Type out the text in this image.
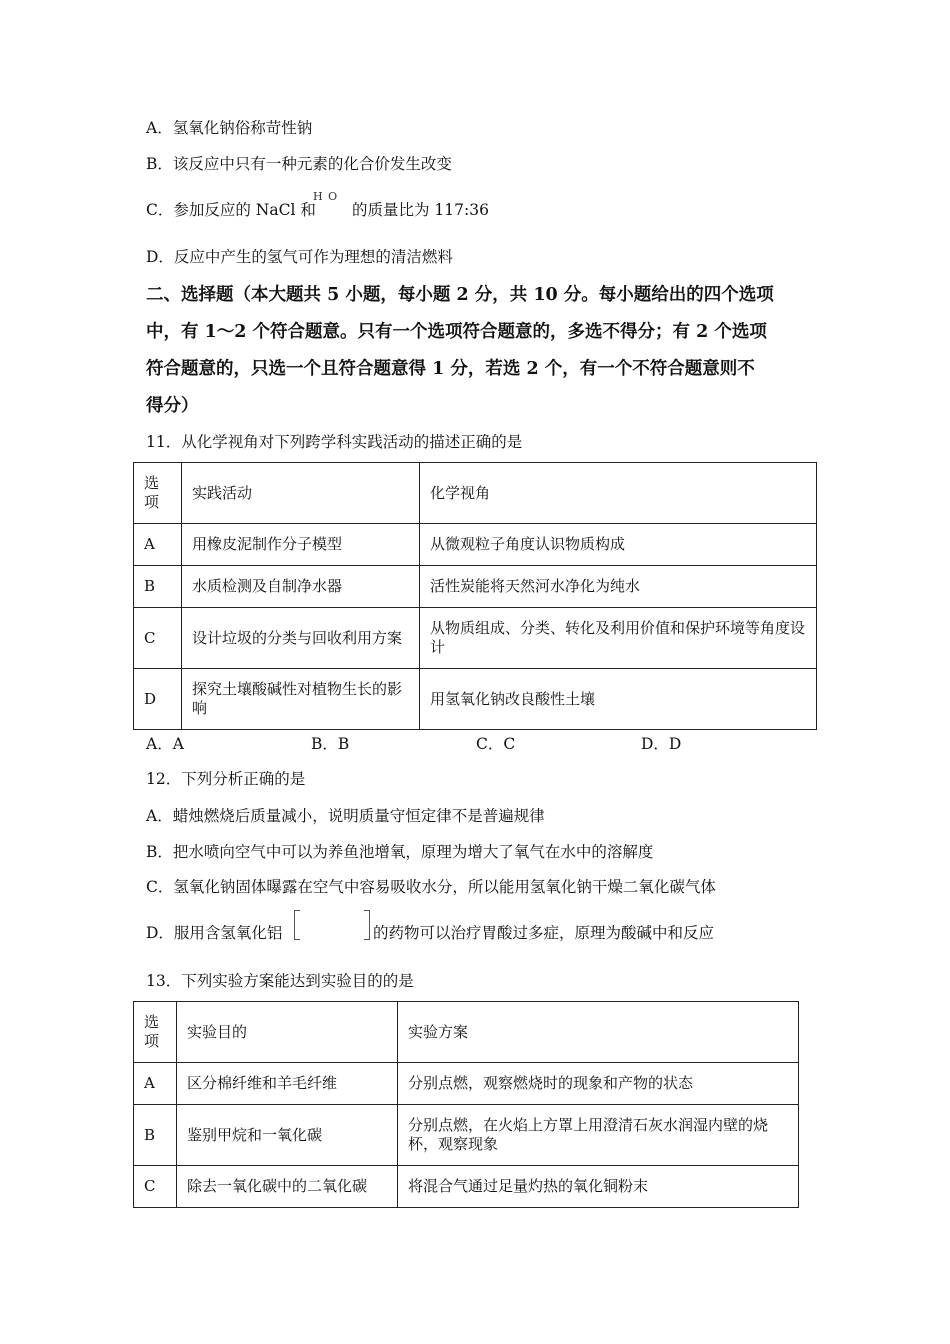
A．氢氧化钠俗称苛性钠
B．该反应中只有一种元素的化合价发生改变
C．参加反应的 NaCl 和
H O
的质量比为 117:36
D．反应中产生的氢气可作为理想的清洁燃料
二、选择题（本大题共 5 小题，每小题 2 分，共 10 分。每小题给出的四个选项
中，有 1～2 个符合题意。只有一个选项符合题意的，多选不得分；有 2 个选项
符合题意的，只选一个且符合题意得 1 分，若选 2 个，有一个不符合题意则不
得分）
11．从化学视角对下列跨学科实践活动的描述正确的是
选项	实践活动	化学视角
A	用橡皮泥制作分子模型	从微观粒子角度认识物质构成
B	水质检测及自制净水器	活性炭能将天然河水净化为纯水
C	设计垃圾的分类与回收利用方案	从物质组成、分类、转化及利用价值和保护环境等角度设计
D	探究土壤酸碱性对植物生长的影响	用氢氧化钠改良酸性土壤
A．A	B．B	C．C	D．D
12．下列分析正确的是
A．蜡烛燃烧后质量减小，说明质量守恒定律不是普遍规律
B．把水喷向空气中可以为养鱼池增氧，原理为增大了氧气在水中的溶解度
C．氢氧化钠固体曝露在空气中容易吸收水分，所以能用氢氧化钠干燥二氧化碳气体
D．服用含氢氧化铝	的药物可以治疗胃酸过多症，原理为酸碱中和反应
13．下列实验方案能达到实验目的的是
选项	实验目的	实验方案
A	区分棉纤维和羊毛纤维	分别点燃，观察燃烧时的现象和产物的状态
B	鉴别甲烷和一氧化碳	分别点燃，在火焰上方罩上用澄清石灰水润湿内壁的烧杯，观察现象
C	除去一氧化碳中的二氧化碳	将混合气通过足量灼热的氧化铜粉末
